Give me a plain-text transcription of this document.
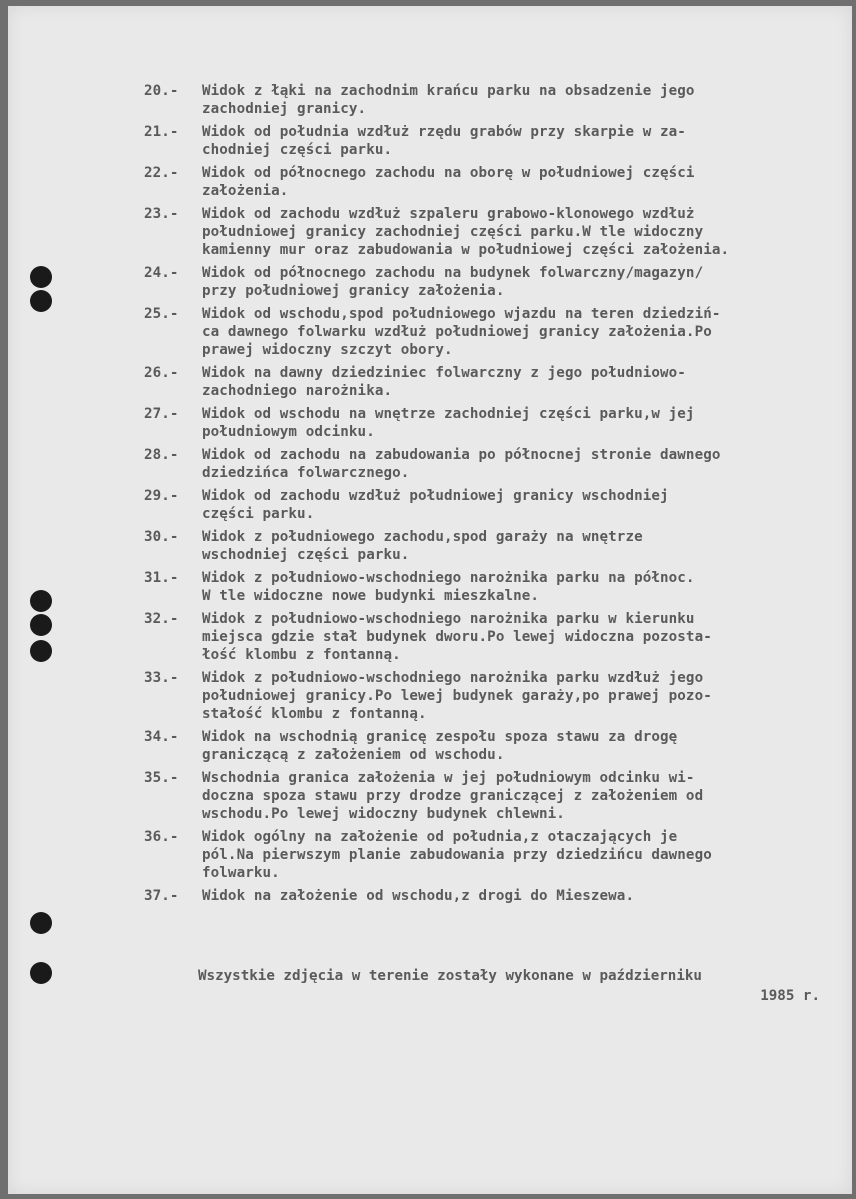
20.-	Widok z łąki na zachodnim krańcu parku na obsadzenie jego
zachodniej granicy.
21.-	Widok od południa wzdłuż rzędu grabów przy skarpie w za-
chodniej części parku.
22.-	Widok od północnego zachodu na oborę w południowej części
założenia.
23.-	Widok od zachodu wzdłuż szpaleru grabowo-klonowego wzdłuż
południowej granicy zachodniej części parku.W tle widoczny
kamienny mur oraz zabudowania w południowej części założenia.
24.-	Widok od północnego zachodu na budynek folwarczny/magazyn/
przy południowej granicy założenia.
25.-	Widok od wschodu,spod południowego wjazdu na teren dziedziń-
ca dawnego folwarku wzdłuż południowej granicy założenia.Po
prawej widoczny szczyt obory.
26.-	Widok na dawny dziedziniec folwarczny z jego południowo-
zachodniego narożnika.
27.-	Widok od wschodu na wnętrze zachodniej części parku,w jej
południowym odcinku.
28.-	Widok od zachodu na zabudowania po północnej stronie dawnego
dziedzińca folwarcznego.
29.-	Widok od zachodu wzdłuż południowej granicy wschodniej
części parku.
30.-	Widok z południowego zachodu,spod garaży na wnętrze
wschodniej części parku.
31.-	Widok z południowo-wschodniego narożnika parku na północ.
W tle widoczne nowe budynki mieszkalne.
32.-	Widok z południowo-wschodniego narożnika parku w kierunku
miejsca gdzie stał budynek dworu.Po lewej widoczna pozosta-
łość klombu z fontanną.
33.-	Widok z południowo-wschodniego narożnika parku wzdłuż jego
południowej granicy.Po lewej budynek garaży,po prawej pozo-
stałość klombu z fontanną.
34.-	Widok na wschodnią granicę zespołu spoza stawu za drogę
graniczącą z założeniem od wschodu.
35.-	Wschodnia granica założenia w jej południowym odcinku wi-
doczna spoza stawu przy drodze graniczącej z założeniem od
wschodu.Po lewej widoczny budynek chlewni.
36.-	Widok ogólny na założenie od południa,z otaczających je
pól.Na pierwszym planie zabudowania przy dziedzińcu dawnego
folwarku.
37.-	Widok na założenie od wschodu,z drogi do Mieszewa.
Wszystkie zdjęcia w terenie zostały wykonane w październiku
1985 r.
